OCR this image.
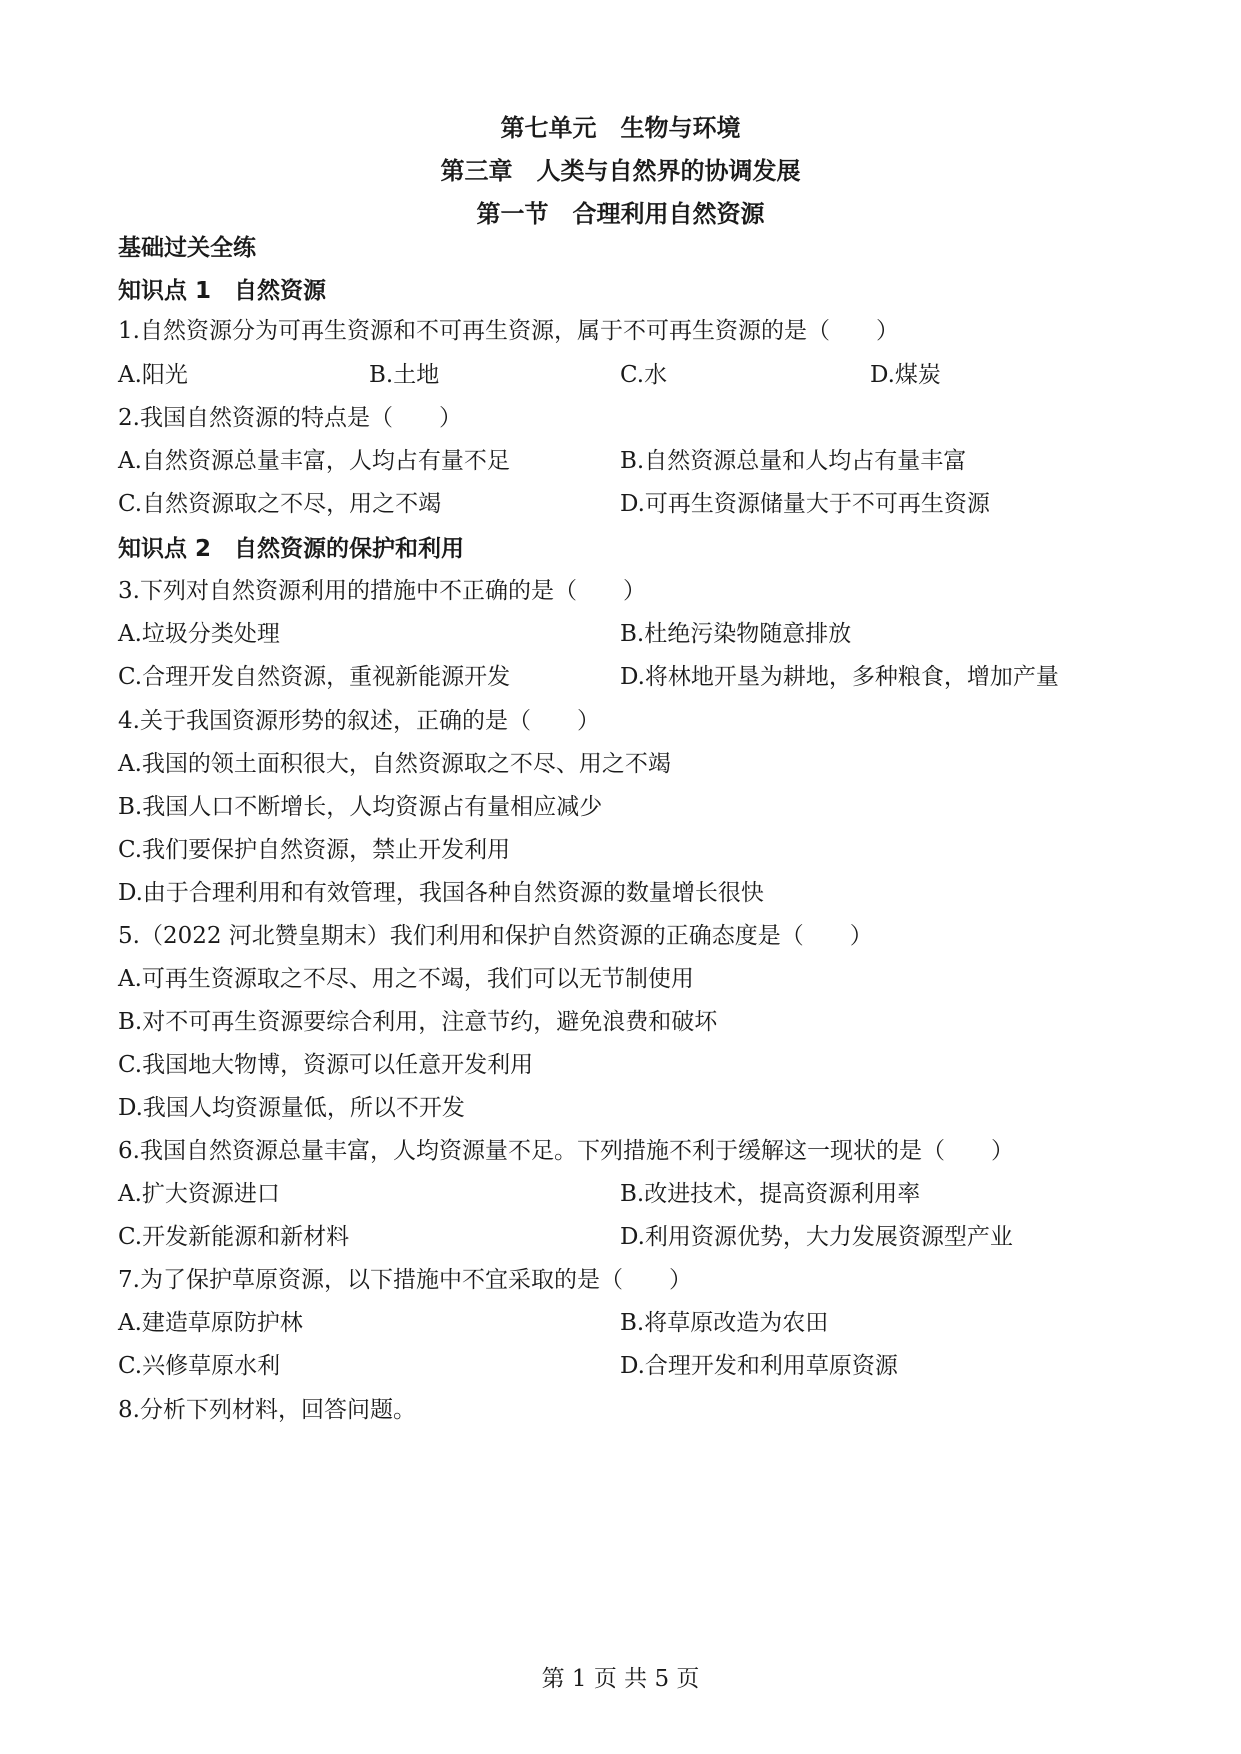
第七单元　生物与环境
第三章　人类与自然界的协调发展
第一节　合理利用自然资源
基础过关全练
知识点 1　自然资源
1.自然资源分为可再生资源和不可再生资源，属于不可再生资源的是（　　）
A.阳光	B.土地	C.水	D.煤炭
2.我国自然资源的特点是（　　）
A.自然资源总量丰富，人均占有量不足	B.自然资源总量和人均占有量丰富
C.自然资源取之不尽，用之不竭	D.可再生资源储量大于不可再生资源
知识点 2　自然资源的保护和利用
3.下列对自然资源利用的措施中不正确的是（　　）
A.垃圾分类处理	B.杜绝污染物随意排放
C.合理开发自然资源，重视新能源开发	D.将林地开垦为耕地，多种粮食，增加产量
4.关于我国资源形势的叙述，正确的是（　　）
A.我国的领土面积很大，自然资源取之不尽、用之不竭
B.我国人口不断增长，人均资源占有量相应减少
C.我们要保护自然资源，禁止开发利用
D.由于合理利用和有效管理，我国各种自然资源的数量增长很快
5.（2022 河北赞皇期末）我们利用和保护自然资源的正确态度是（　　）
A.可再生资源取之不尽、用之不竭，我们可以无节制使用
B.对不可再生资源要综合利用，注意节约，避免浪费和破坏
C.我国地大物博，资源可以任意开发利用
D.我国人均资源量低，所以不开发
6.我国自然资源总量丰富，人均资源量不足。下列措施不利于缓解这一现状的是（　　）
A.扩大资源进口	B.改进技术，提高资源利用率
C.开发新能源和新材料	D.利用资源优势，大力发展资源型产业
7.为了保护草原资源，以下措施中不宜采取的是（　　）
A.建造草原防护林	B.将草原改造为农田
C.兴修草原水利	D.合理开发和利用草原资源
8.分析下列材料，回答问题。
第 1 页 共 5 页
